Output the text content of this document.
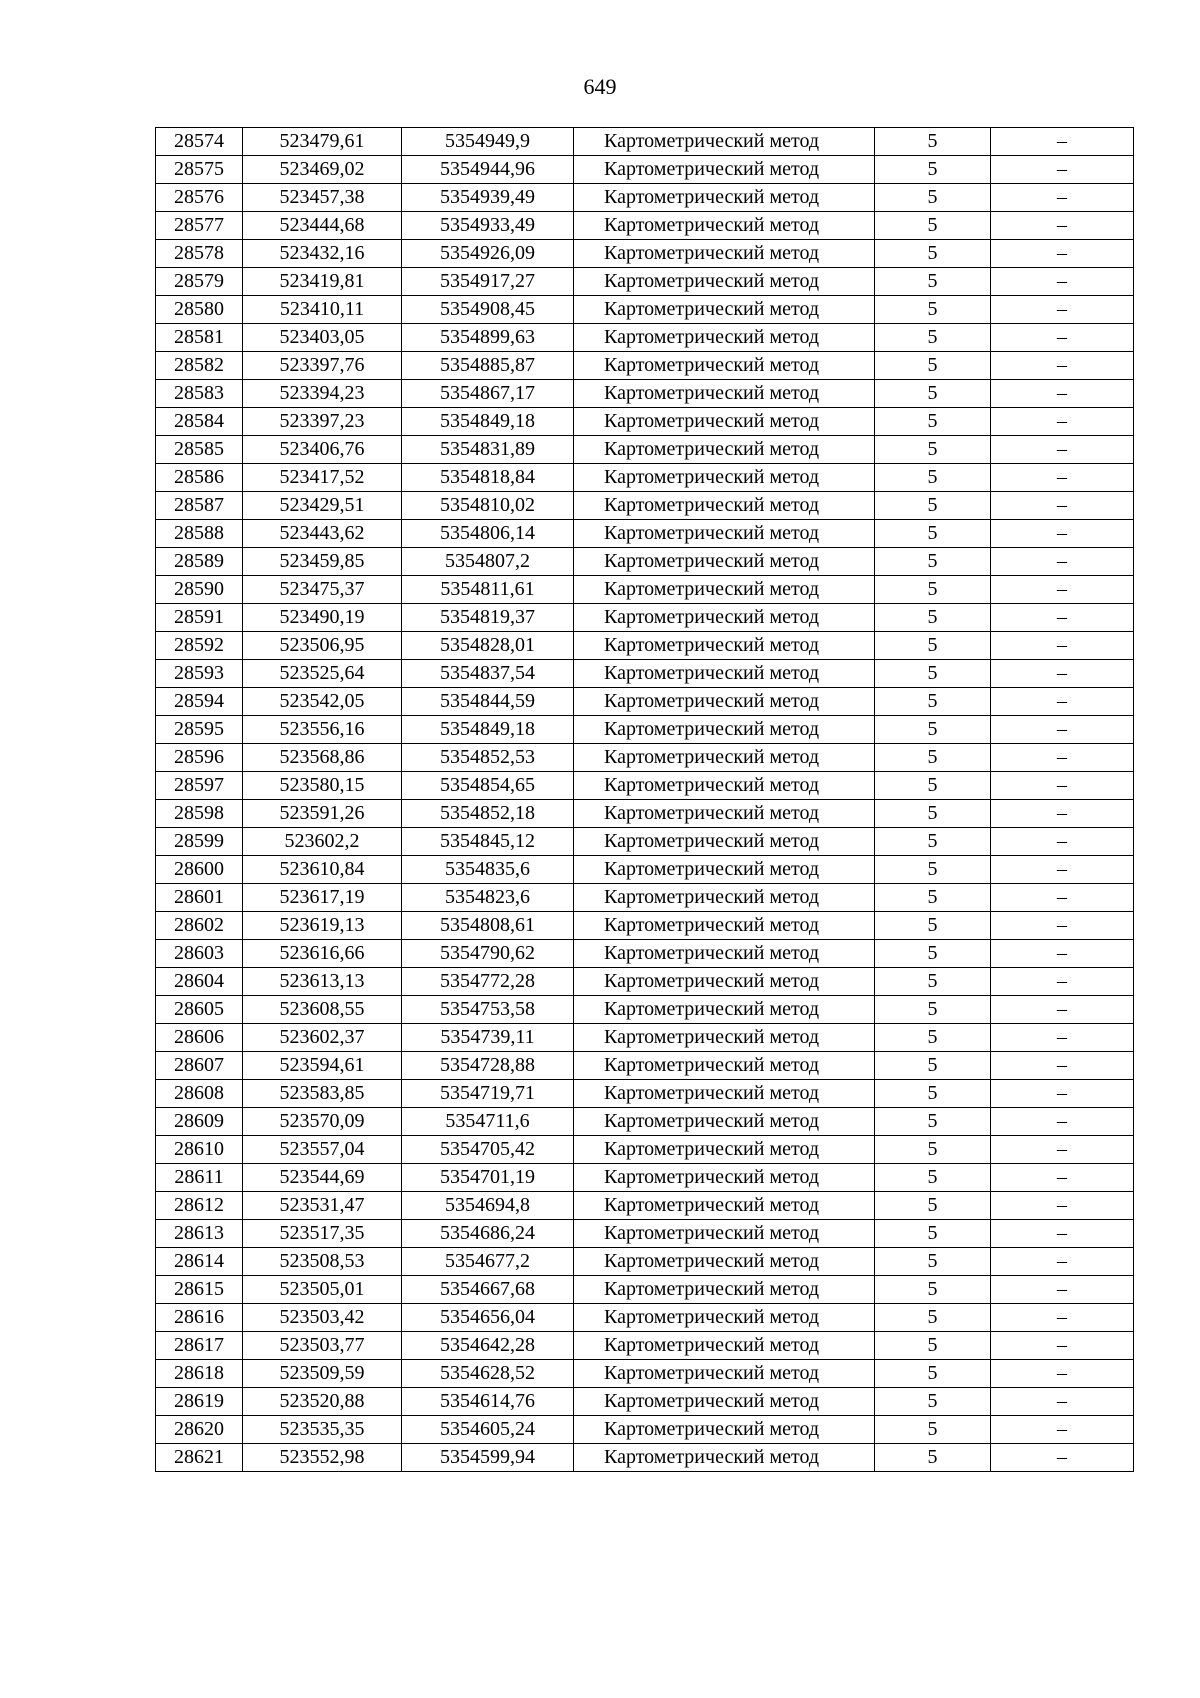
649
28574	523479,61	5354949,9	Картометрический метод	5	–
28575	523469,02	5354944,96	Картометрический метод	5	–
28576	523457,38	5354939,49	Картометрический метод	5	–
28577	523444,68	5354933,49	Картометрический метод	5	–
28578	523432,16	5354926,09	Картометрический метод	5	–
28579	523419,81	5354917,27	Картометрический метод	5	–
28580	523410,11	5354908,45	Картометрический метод	5	–
28581	523403,05	5354899,63	Картометрический метод	5	–
28582	523397,76	5354885,87	Картометрический метод	5	–
28583	523394,23	5354867,17	Картометрический метод	5	–
28584	523397,23	5354849,18	Картометрический метод	5	–
28585	523406,76	5354831,89	Картометрический метод	5	–
28586	523417,52	5354818,84	Картометрический метод	5	–
28587	523429,51	5354810,02	Картометрический метод	5	–
28588	523443,62	5354806,14	Картометрический метод	5	–
28589	523459,85	5354807,2	Картометрический метод	5	–
28590	523475,37	5354811,61	Картометрический метод	5	–
28591	523490,19	5354819,37	Картометрический метод	5	–
28592	523506,95	5354828,01	Картометрический метод	5	–
28593	523525,64	5354837,54	Картометрический метод	5	–
28594	523542,05	5354844,59	Картометрический метод	5	–
28595	523556,16	5354849,18	Картометрический метод	5	–
28596	523568,86	5354852,53	Картометрический метод	5	–
28597	523580,15	5354854,65	Картометрический метод	5	–
28598	523591,26	5354852,18	Картометрический метод	5	–
28599	523602,2	5354845,12	Картометрический метод	5	–
28600	523610,84	5354835,6	Картометрический метод	5	–
28601	523617,19	5354823,6	Картометрический метод	5	–
28602	523619,13	5354808,61	Картометрический метод	5	–
28603	523616,66	5354790,62	Картометрический метод	5	–
28604	523613,13	5354772,28	Картометрический метод	5	–
28605	523608,55	5354753,58	Картометрический метод	5	–
28606	523602,37	5354739,11	Картометрический метод	5	–
28607	523594,61	5354728,88	Картометрический метод	5	–
28608	523583,85	5354719,71	Картометрический метод	5	–
28609	523570,09	5354711,6	Картометрический метод	5	–
28610	523557,04	5354705,42	Картометрический метод	5	–
28611	523544,69	5354701,19	Картометрический метод	5	–
28612	523531,47	5354694,8	Картометрический метод	5	–
28613	523517,35	5354686,24	Картометрический метод	5	–
28614	523508,53	5354677,2	Картометрический метод	5	–
28615	523505,01	5354667,68	Картометрический метод	5	–
28616	523503,42	5354656,04	Картометрический метод	5	–
28617	523503,77	5354642,28	Картометрический метод	5	–
28618	523509,59	5354628,52	Картометрический метод	5	–
28619	523520,88	5354614,76	Картометрический метод	5	–
28620	523535,35	5354605,24	Картометрический метод	5	–
28621	523552,98	5354599,94	Картометрический метод	5	–
